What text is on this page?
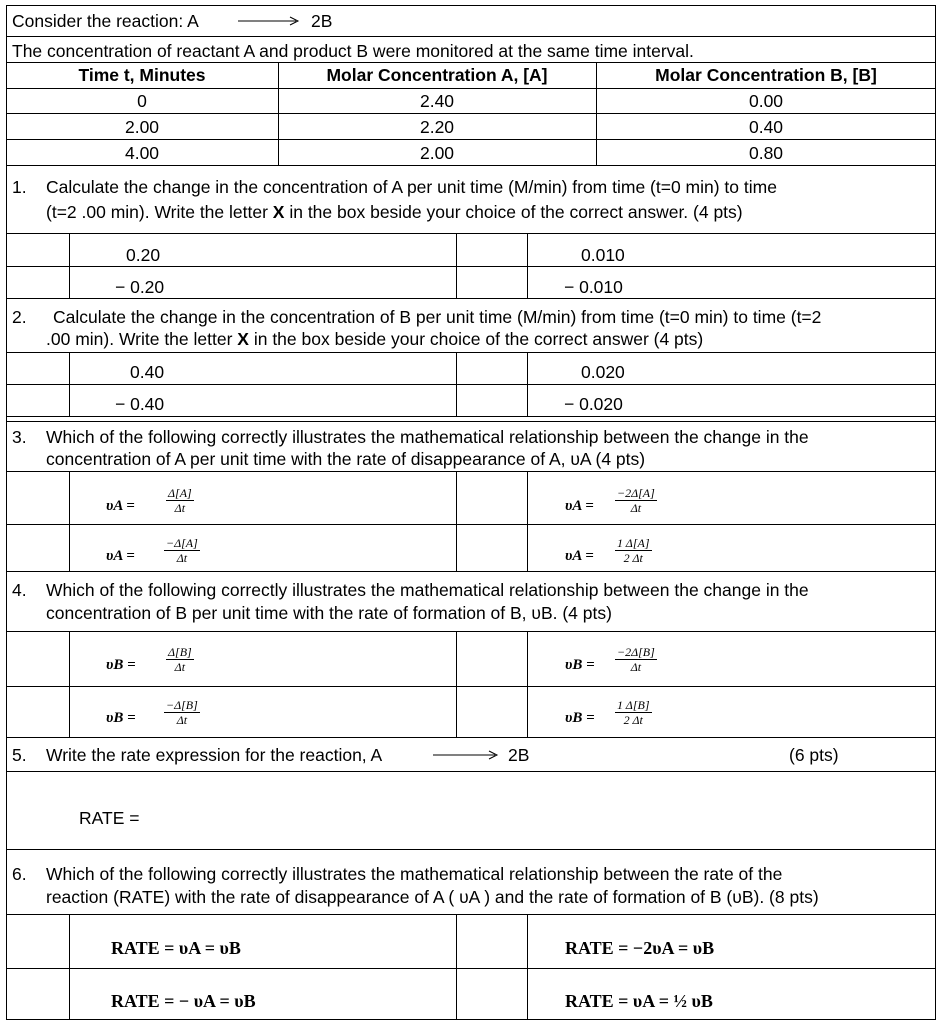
Consider the reaction: A → 2B
The concentration of reactant A and product B were monitored at the same time interval.
Time t, Minutes	Molar Concentration A, [A]	Molar Concentration B, [B]
0	2.40	0.00
2.00	2.20	0.40
4.00	2.00	0.80
1. Calculate the change in the concentration of A per unit time (M/min) from time (t=0 min) to time
(t=2 .00 min). Write the letter X in the box beside your choice of the correct answer. (4 pts)
0.20	0.010
− 0.20	− 0.010
2. Calculate the change in the concentration of B per unit time (M/min) from time (t=0 min) to time (t=2
.00 min). Write the letter X in the box beside your choice of the correct answer (4 pts)
0.40	0.020
− 0.40	− 0.020
3. Which of the following correctly illustrates the mathematical relationship between the change in the
concentration of A per unit time with the rate of disappearance of A, υA (4 pts)
υA =	$\frac{\Delta[A]}{\Delta t}$	$\upsilon A = \frac{-2\Delta[A]}{\Delta t}$
$\upsilon A = \frac{-\Delta[A]}{\Delta t}$	$\upsilon A = \frac{1 \Delta[A]}{2 \Delta t}$
4. Which of the following correctly illustrates the mathematical relationship between the change in the
concentration of B per unit time with the rate of formation of B, υB. (4 pts)
υB =	$\frac{\Delta[B]}{\Delta t}$	$\upsilon B = \frac{-2\Delta[B]}{\Delta t}$
$\upsilon B = \frac{-\Delta[B]}{\Delta t}$	$\upsilon B = \frac{1 \Delta[B]}{2 \Delta t}$
5. Write the rate expression for the reaction, A	2B	(6 pts)
RATE =
6. Which of the following correctly illustrates the mathematical relationship between the rate of the
reaction (RATE) with the rate of disappearance of A ( υA ) and the rate of formation of B (υB). (8 pts)
RATE = υA = υB	RATE = −2υA = υB
RATE = − υA = υB	RATE = υA = ½ υB
